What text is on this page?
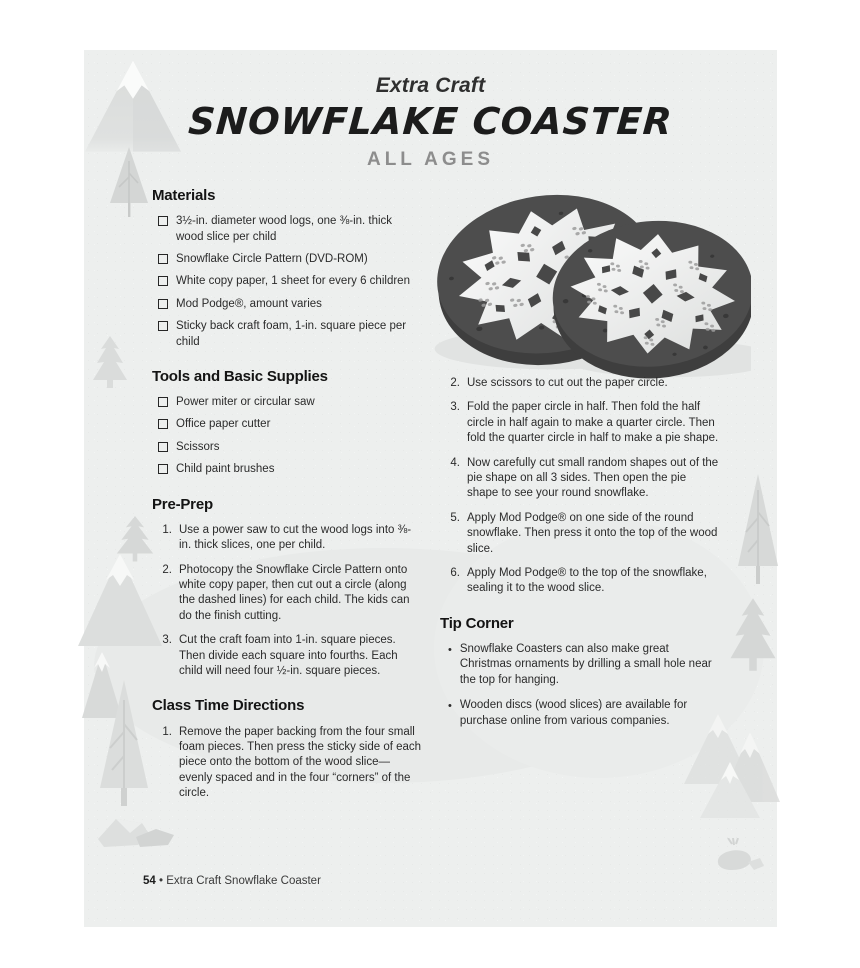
Extra Craft
SNOWFLAKE COASTER
ALL AGES
Materials
3½-in. diameter wood logs, one ⅜-in. thick wood slice per child
Snowflake Circle Pattern (DVD-ROM)
White copy paper, 1 sheet for every 6 children
Mod Podge®, amount varies
Sticky back craft foam, 1-in. square piece per child
Tools and Basic Supplies
Power miter or circular saw
Office paper cutter
Scissors
Child paint brushes
Pre-Prep
1. Use a power saw to cut the wood logs into ⅜-in. thick slices, one per child.
2. Photocopy the Snowflake Circle Pattern onto white copy paper, then cut out a circle (along the dashed lines) for each child. The kids can do the finish cutting.
3. Cut the craft foam into 1-in. square pieces. Then divide each square into fourths. Each child will need four ½-in. square pieces.
Class Time Directions
1. Remove the paper backing from the four small foam pieces. Then press the sticky side of each piece onto the bottom of the wood slice—evenly spaced and in the four “corners” of the circle.
2. Use scissors to cut out the paper circle.
3. Fold the paper circle in half. Then fold the half circle in half again to make a quarter circle. Then fold the quarter circle in half to make a pie shape.
4. Now carefully cut small random shapes out of the pie shape on all 3 sides. Then open the pie shape to see your round snowflake.
5. Apply Mod Podge® on one side of the round snowflake. Then press it onto the top of the wood slice.
6. Apply Mod Podge® to the top of the snowflake, sealing it to the wood slice.
Tip Corner
• Snowflake Coasters can also make great Christmas ornaments by drilling a small hole near the top for hanging.
• Wooden discs (wood slices) are available for purchase online from various companies.
54 • Extra Craft Snowflake Coaster
